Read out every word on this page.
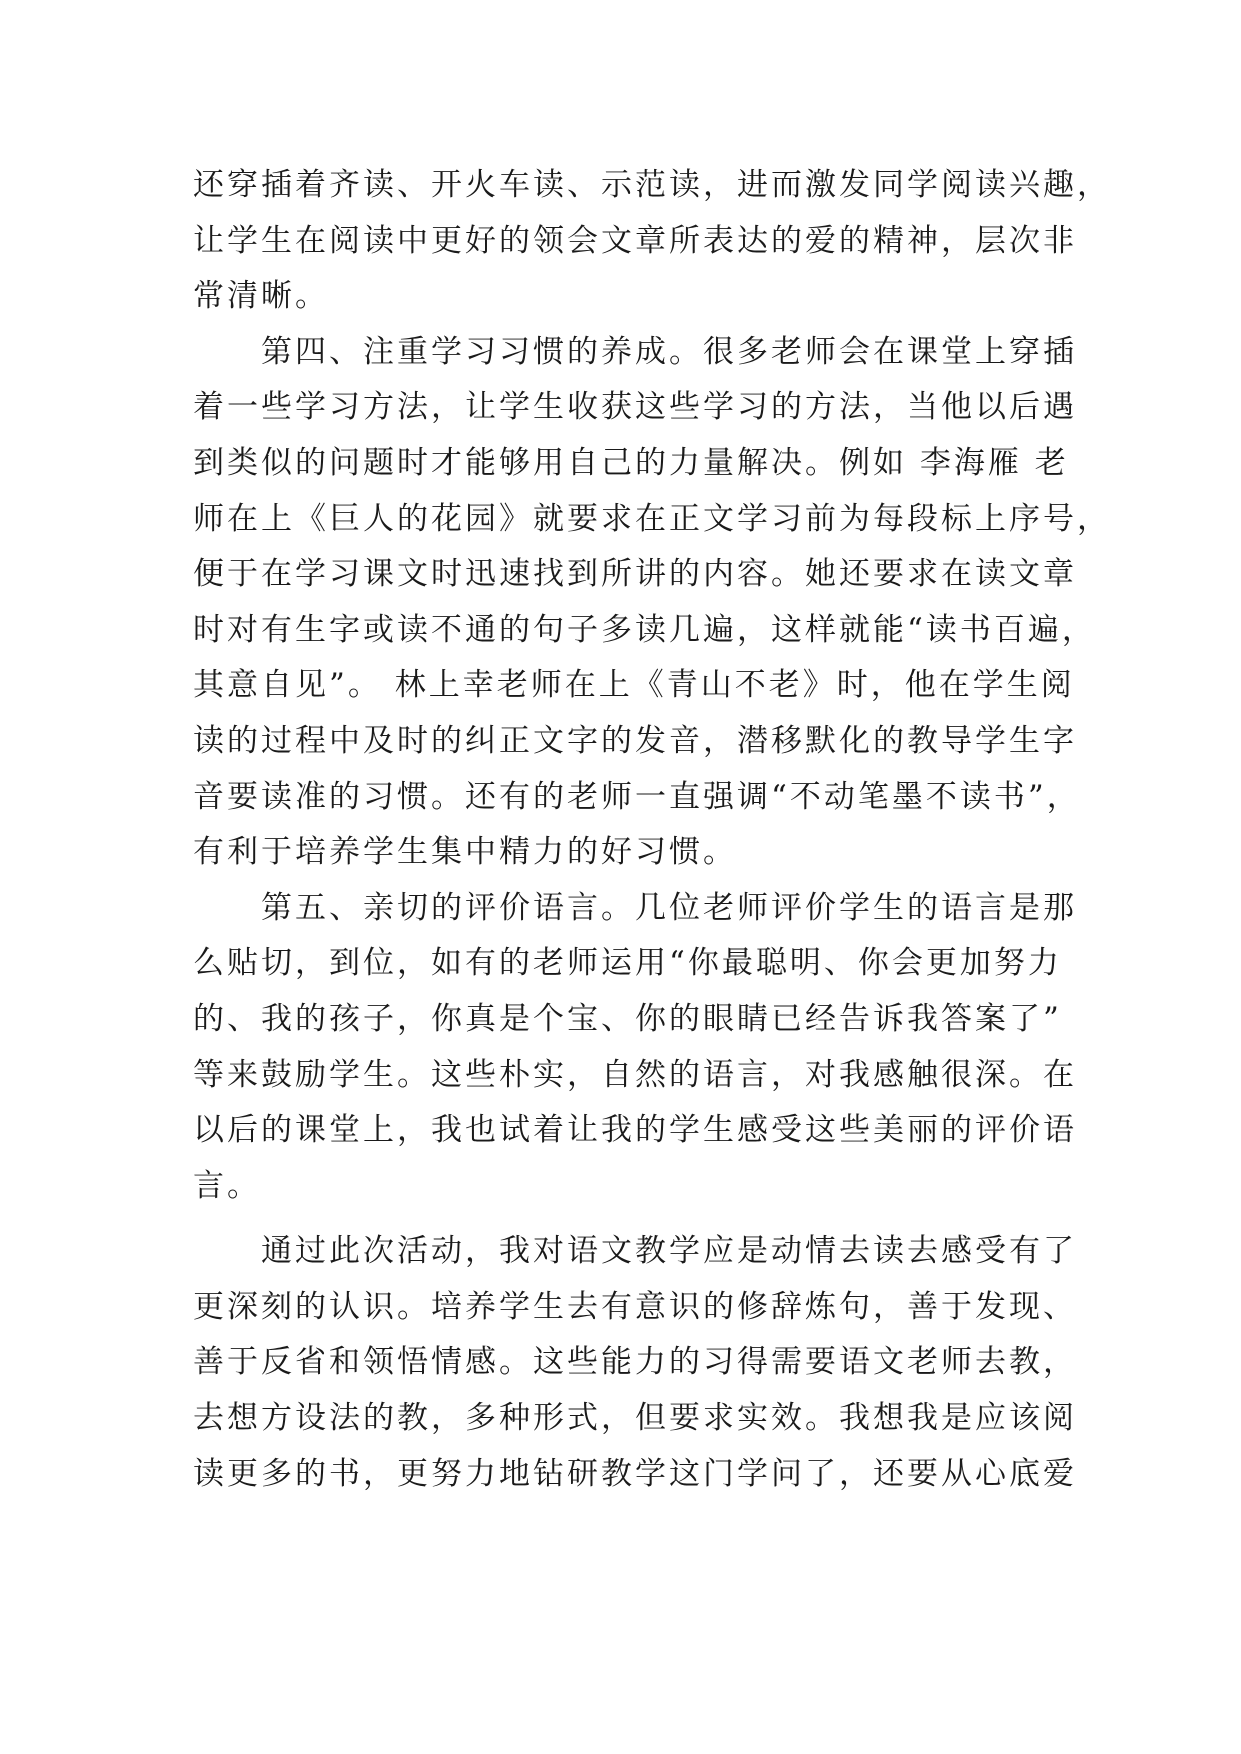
还穿插着齐读、开火车读、示范读，进而激发同学阅读兴趣，
让学生在阅读中更好的领会文章所表达的爱的精神，层次非
常清晰。
第四、注重学习习惯的养成。很多老师会在课堂上穿插
着一些学习方法，让学生收获这些学习的方法，当他以后遇
到类似的问题时才能够用自己的力量解决。例如 李海雁 老
师在上《巨人的花园》就要求在正文学习前为每段标上序号，
便于在学习课文时迅速找到所讲的内容。她还要求在读文章
时对有生字或读不通的句子多读几遍，这样就能“读书百遍，
其意自见”。 林上幸老师在上《青山不老》时，他在学生阅
读的过程中及时的纠正文字的发音，潜移默化的教导学生字
音要读准的习惯。还有的老师一直强调“不动笔墨不读书”，
有利于培养学生集中精力的好习惯。
第五、亲切的评价语言。几位老师评价学生的语言是那
么贴切，到位，如有的老师运用“你最聪明、你会更加努力
的、我的孩子，你真是个宝、你的眼睛已经告诉我答案了”
等来鼓励学生。这些朴实，自然的语言，对我感触很深。在
以后的课堂上，我也试着让我的学生感受这些美丽的评价语
言。
通过此次活动，我对语文教学应是动情去读去感受有了
更深刻的认识。培养学生去有意识的修辞炼句，善于发现、
善于反省和领悟情感。这些能力的习得需要语文老师去教，
去想方设法的教，多种形式，但要求实效。我想我是应该阅
读更多的书，更努力地钻研教学这门学问了，还要从心底爱
